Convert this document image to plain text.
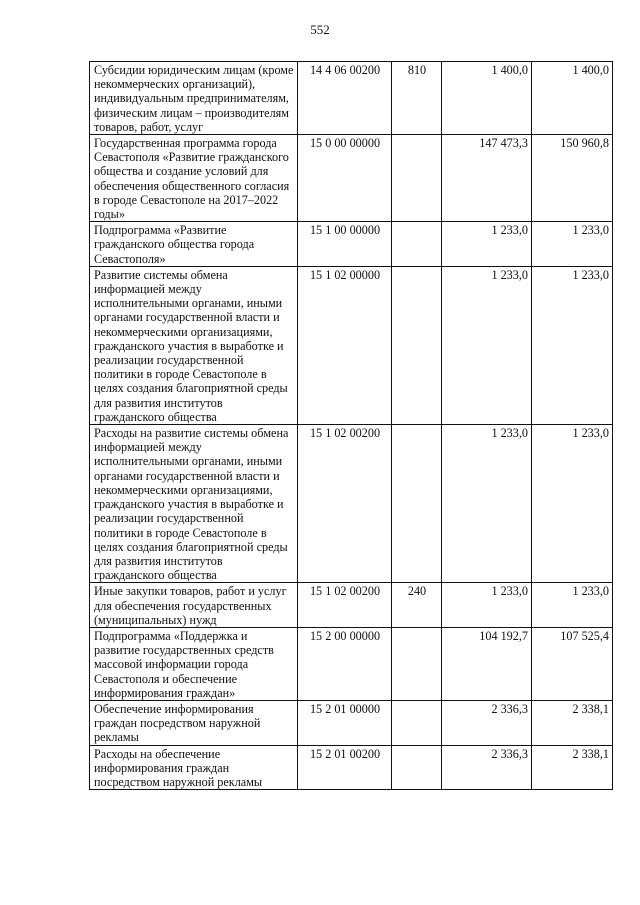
552
Субсидии юридическим лицам (кроме некоммерческих организаций), индивидуальным предпринимателям, физическим лицам – производителям товаров, работ, услуг	14 4 06 00200	810	1 400,0	1 400,0
Государственная программа города Севастополя «Развитие гражданского общества и создание условий для обеспечения общественного согласия в городе Севастополе на 2017–2022 годы»	15 0 00 00000		147 473,3	150 960,8
Подпрограмма «Развитие гражданского общества города Севастополя»	15 1 00 00000		1 233,0	1 233,0
Развитие системы обмена информацией между исполнительными органами, иными органами государственной власти и некоммерческими организациями, гражданского участия в выработке и реализации государственной политики в городе Севастополе в целях создания благоприятной среды для развития институтов гражданского общества	15 1 02 00000		1 233,0	1 233,0
Расходы на развитие системы обмена информацией между исполнительными органами, иными органами государственной власти и некоммерческими организациями, гражданского участия в выработке и реализации государственной политики в городе Севастополе в целях создания благоприятной среды для развития институтов гражданского общества	15 1 02 00200		1 233,0	1 233,0
Иные закупки товаров, работ и услуг для обеспечения государственных (муниципальных) нужд	15 1 02 00200	240	1 233,0	1 233,0
Подпрограмма «Поддержка и развитие государственных средств массовой информации города Севастополя и обеспечение информирования граждан»	15 2 00 00000		104 192,7	107 525,4
Обеспечение информирования граждан посредством наружной рекламы	15 2 01 00000		2 336,3	2 338,1
Расходы на обеспечение информирования граждан посредством наружной рекламы	15 2 01 00200		2 336,3	2 338,1
